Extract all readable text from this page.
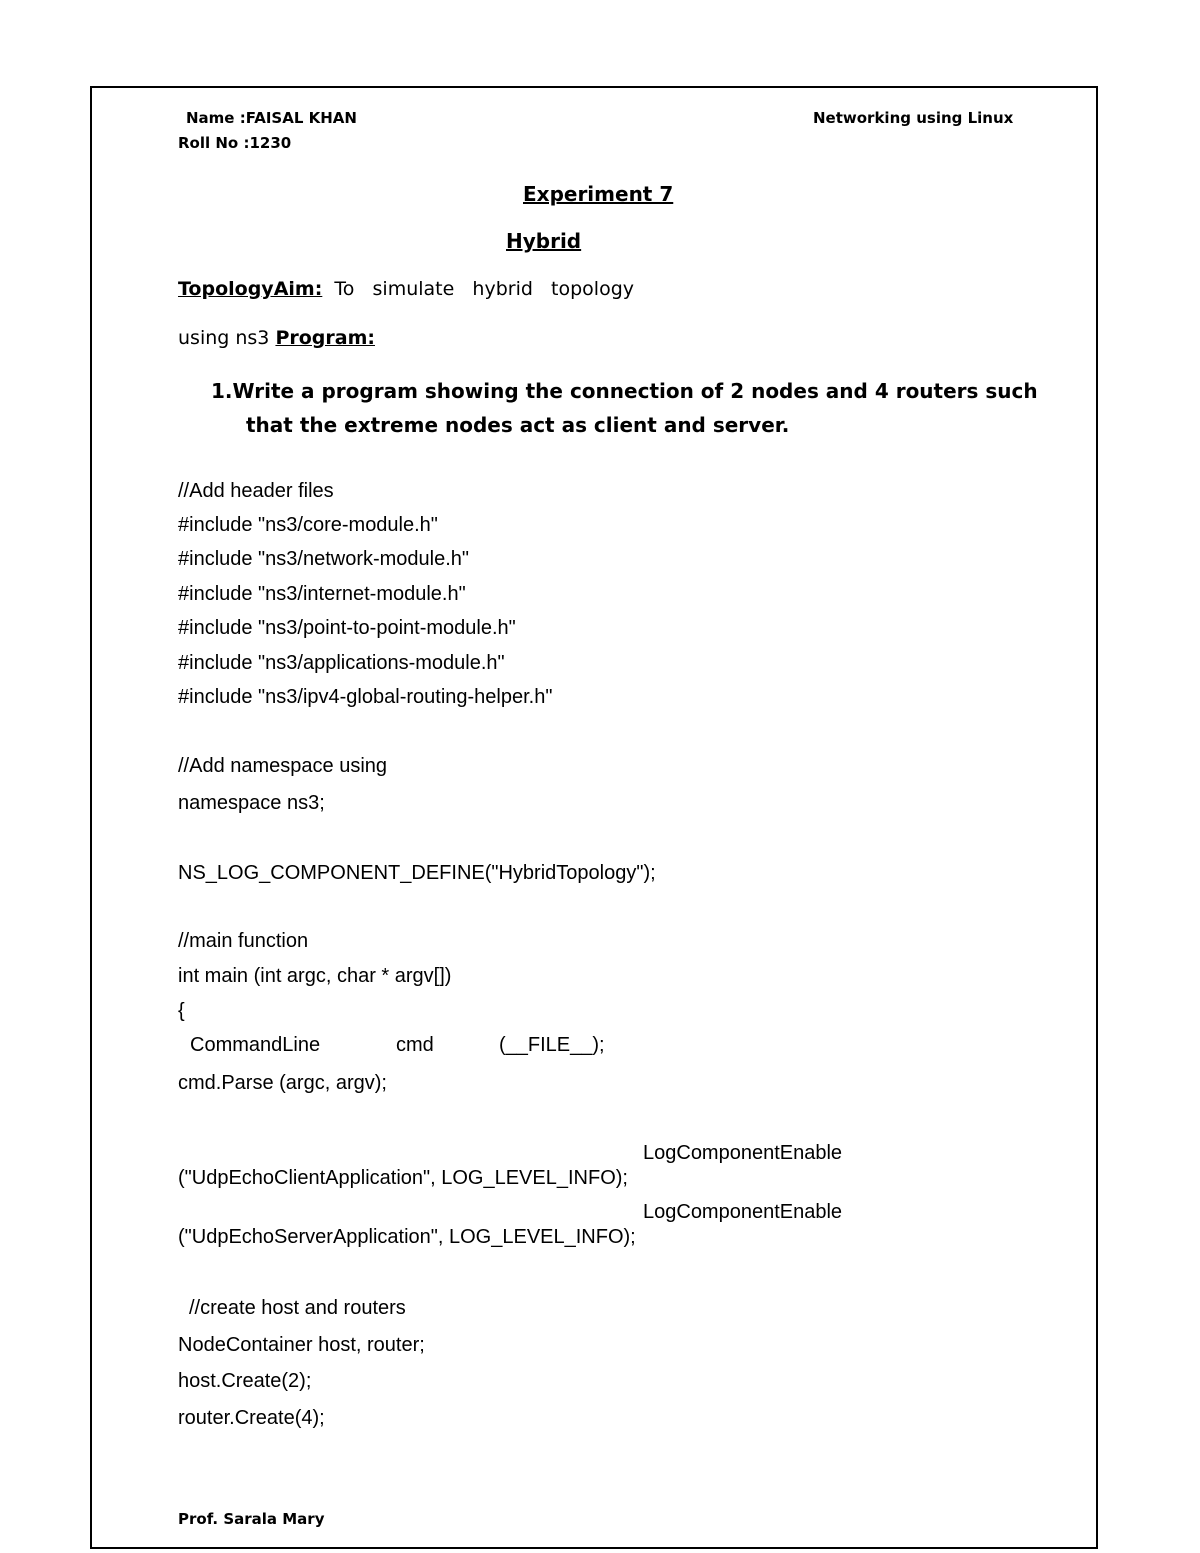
Name :FAISAL KHAN
Roll No :1230
Networking using Linux
Experiment 7
Hybrid
TopologyAim: To   simulate   hybrid   topology
using ns3 Program:
1.Write a program showing the connection of 2 nodes and 4 routers such
that the extreme nodes act as client and server.
//Add header files
#include "ns3/core-module.h"
#include "ns3/network-module.h"
#include "ns3/internet-module.h"
#include "ns3/point-to-point-module.h"
#include "ns3/applications-module.h"
#include "ns3/ipv4-global-routing-helper.h"
//Add namespace using
namespace ns3;
NS_LOG_COMPONENT_DEFINE("HybridTopology");
//main function
int main (int argc, char * argv[])
{
CommandLine	cmd	(__FILE__);
cmd.Parse (argc, argv);
LogComponentEnable
("UdpEchoClientApplication", LOG_LEVEL_INFO);
LogComponentEnable
("UdpEchoServerApplication", LOG_LEVEL_INFO);
//create host and routers
NodeContainer host, router;
host.Create(2);
router.Create(4);
Prof. Sarala Mary
